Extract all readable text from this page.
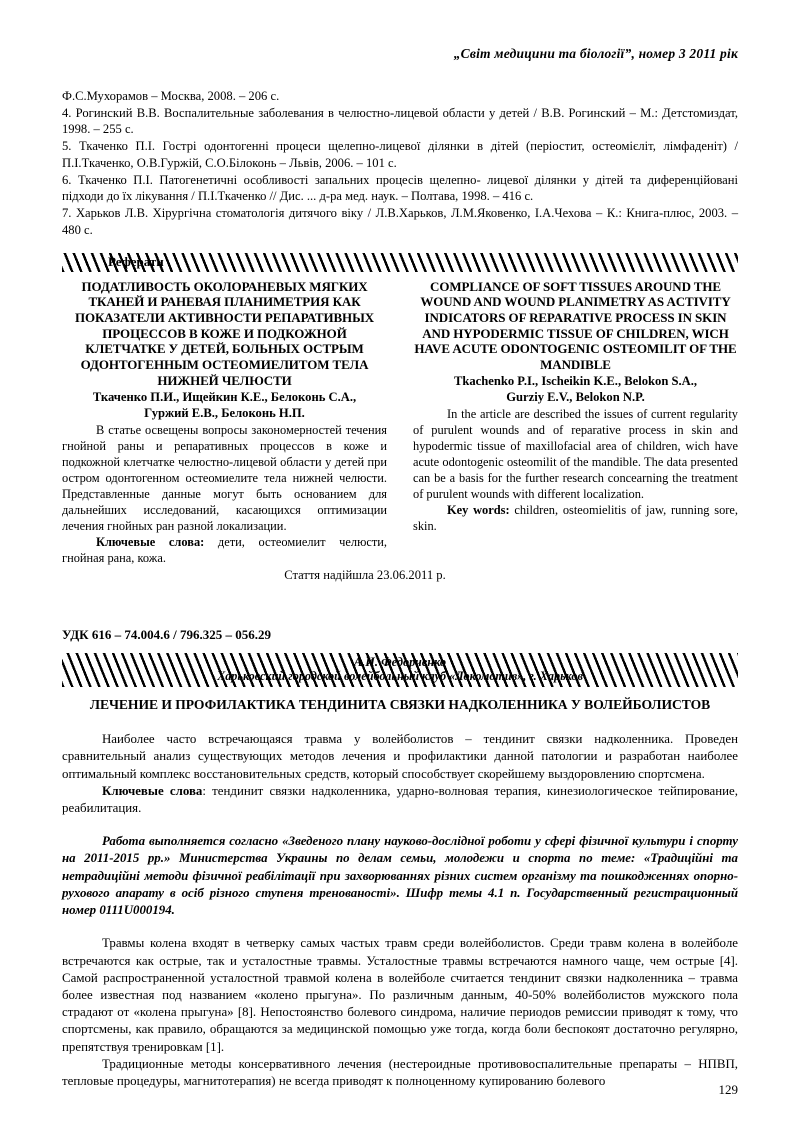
„Світ медицини та біології”, номер 3 2011 рік

Ф.С.Мухорамов – Москва, 2008. – 206 с.

4. Рогинский В.В. Воспалительные заболевания в челюстно-лицевой области у детей / В.В. Рогинский – М.: Детстомиздат, 1998. – 255 с.

5. Ткаченко П.І. Гострі одонтогенні процеси щелепно-лицевої ділянки в дітей (періостит, остеомієліт, лімфаденіт) / П.І.Ткаченко, О.В.Гуржій, С.О.Білоконь – Львів, 2006. – 101 с.

6. Ткаченко П.І. Патогенетичні особливості запальних процесів щелепно- лицевої ділянки у дітей та диференційовані підходи до їх лікування / П.І.Ткаченко // Дис. ... д-ра мед. наук. – Полтава, 1998. – 416 с.

7. Харьков Л.В. Хірургічна стоматологія дитячого віку / Л.В.Харьков, Л.М.Яковенко, І.А.Чехова – К.: Книга-плюс, 2003. – 480 с.

Реферати
ПОДАТЛИВОСТЬ ОКОЛОРАНЕВЫХ МЯГКИХ ТКАНЕЙ И РАНЕВАЯ ПЛАНИМЕТРИЯ КАК ПОКАЗАТЕЛИ АКТИВНОСТИ РЕПАРАТИВНЫХ ПРОЦЕССОВ В КОЖЕ И ПОДКОЖНОЙ КЛЕТЧАТКЕ У ДЕТЕЙ, БОЛЬНЫХ ОСТРЫМ ОДОНТОГЕННЫМ ОСТЕОМИЕЛИТОМ ТЕЛА НИЖНЕЙ ЧЕЛЮСТИ
Ткаченко П.И., Ищейкин К.Е., Белоконь С.А.,
Гуржий Е.В., Белоконь Н.П.

В статье освещены вопросы закономерностей течения гнойной раны и репаративных процессов в коже и подкожной клетчатке челюстно-лицевой области у детей при остром одонтогенном остеомиелите тела нижней челюсти. Представленные данные могут быть основанием для дальнейших исследований, касающихся оптимизации лечения гнойных ран разной локализации.

Ключевые слова: дети, остеомиелит челюсти, гнойная рана, кожа.

COMPLIANCE OF SOFT TISSUES AROUND THE WOUND AND WOUND PLANIMETRY AS ACTIVITY INDICATORS OF REPARATIVE PROCESS IN SKIN AND HYPODERMIC TISSUE OF CHILDREN, WICH HAVE ACUTE ODONTOGENIC OSTEOMILIT OF THE MANDIBLE
Tkachenko P.I., Ischeikin K.E., Belokon S.A.,
Gurziy E.V., Belokon N.P.

In the article are described the issues of current regularity of purulent wounds and of reparative process in skin and hypodermic tissue of maxillofacial area of children, wich have acute odontogenic osteomilit of the mandible. The data presented can be a basis for the further research concearning the treatment of purulent wounds with different localization.

Key words: children, osteomielitis of jaw, running sore, skin.

Стаття надійшла 23.06.2011 р.
УДК 616 – 74.004.6 / 796.325 – 056.29
А.И. Федорченко
Харьковский городской волейбольный клуб «Локомотив», г. Харьков
ЛЕЧЕНИЕ И ПРОФИЛАКТИКА ТЕНДИНИТА СВЯЗКИ НАДКОЛЕННИКА У ВОЛЕЙБОЛИСТОВ

Наиболее часто встречающаяся травма у волейболистов – тендинит связки надколенника. Проведен сравнительный анализ существующих методов лечения и профилактики данной патологии и разработан наиболее оптимальный комплекс восстановительных средств, который способствует скорейшему выздоровлению спортсмена.

Ключевые слова: тендинит связки надколенника, ударно-волновая терапия, кинезиологическое тейпирование, реабилитация.

Работа выполняется согласно «Зведеного плану науково-дослідної роботи у сфері фізичної культури і спорту на 2011-2015 рр.» Министерства Украины по делам семьи, молодежи и спорта по теме: «Традиційні та нетрадиційні методи фізичної реабілітації при захворюваннях різних систем організму та пошкодженнях опорно-рухового апарату в осіб різного ступеня тренованості». Шифр темы 4.1 п. Государственный регистрационный номер 0111U000194.

Травмы колена входят в четверку самых частых травм среди волейболистов. Среди травм колена в волейболе встречаются как острые, так и усталостные травмы. Усталостные травмы встречаются намного чаще, чем острые [4]. Самой распространенной усталостной травмой колена в волейболе считается тендинит связки надколенника – травма более известная под названием «колено прыгуна». По различным данным, 40-50% волейболистов мужского пола страдают от «колена прыгуна» [8]. Непостоянство болевого синдрома, наличие периодов ремиссии приводят к тому, что спортсмены, как правило, обращаются за медицинской помощью уже тогда, когда боли беспокоят достаточно регулярно, препятствуя тренировкам [1].

Традиционные методы консервативного лечения (нестероидные противовоспалительные препараты – НПВП, тепловые процедуры, магнитотерапия) не всегда приводят к полноценному купированию болевого

129
